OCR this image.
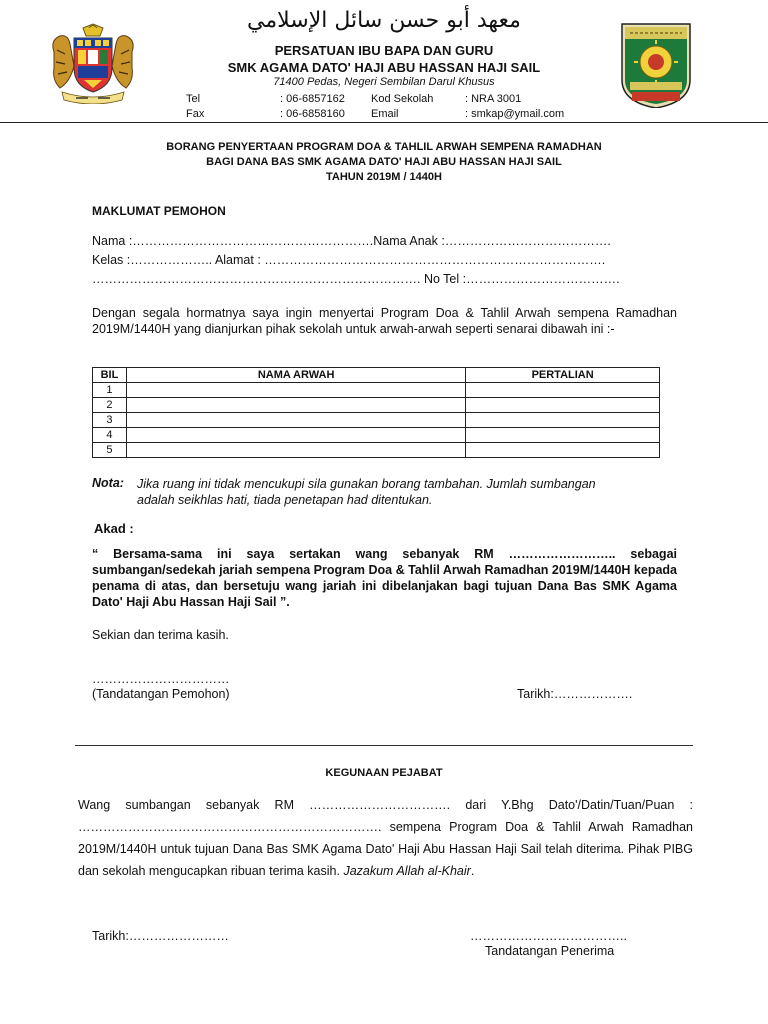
معهد أبو حسن سائل الإسلامي
PERSATUAN IBU BAPA DAN GURU
SMK AGAMA DATO' HAJI ABU HASSAN HAJI SAIL
71400 Pedas, Negeri Sembilan Darul Khusus
Tel	: 06-6857162 Kod Sekolah	: NRA 3001
Fax	: 06-6858160 Email	: smkap@ymail.com
BORANG PENYERTAAN PROGRAM DOA & TAHLIL ARWAH SEMPENA RAMADHAN
BAGI DANA BAS SMK AGAMA DATO' HAJI ABU HASSAN HAJI SAIL
TAHUN 2019M / 1440H
MAKLUMAT PEMOHON
Nama :………………………………………………….Nama Anak :………………………………….
Kelas :……………….. Alamat : ……………………………………………………………………….
……………………………………………………………………. No Tel :……………………………….
Dengan segala hormatnya saya ingin menyertai Program Doa & Tahlil Arwah sempena Ramadhan 2019M/1440H yang dianjurkan pihak sekolah untuk arwah-arwah seperti senarai dibawah ini :-
BIL	NAMA ARWAH	PERTALIAN
1		
2		
3		
4		
5		
Nota: Jika ruang ini tidak mencukupi sila gunakan borang tambahan. Jumlah sumbangan adalah seikhlas hati, tiada penetapan had ditentukan.
Akad :
“ Bersama-sama ini saya sertakan wang sebanyak RM …………………….. sebagai sumbangan/sedekah jariah sempena Program Doa & Tahlil Arwah Ramadhan 2019M/1440H kepada penama di atas, dan bersetuju wang jariah ini dibelanjakan bagi tujuan Dana Bas SMK Agama Dato' Haji Abu Hassan Haji Sail ”.
Sekian dan terima kasih.
……………………………
(Tandatangan Pemohon)	Tarikh:……………….
KEGUNAAN PEJABAT
Wang sumbangan sebanyak RM ……………………………. dari Y.Bhg Dato'/Datin/Tuan/Puan : ………………………………………………………………. sempena Program Doa & Tahlil Arwah Ramadhan 2019M/1440H untuk tujuan Dana Bas SMK Agama Dato' Haji Abu Hassan Haji Sail telah diterima. Pihak PIBG dan sekolah mengucapkan ribuan terima kasih. Jazakum Allah al-Khair.
Tarikh:……………………	………………………………..
Tandatangan Penerima
